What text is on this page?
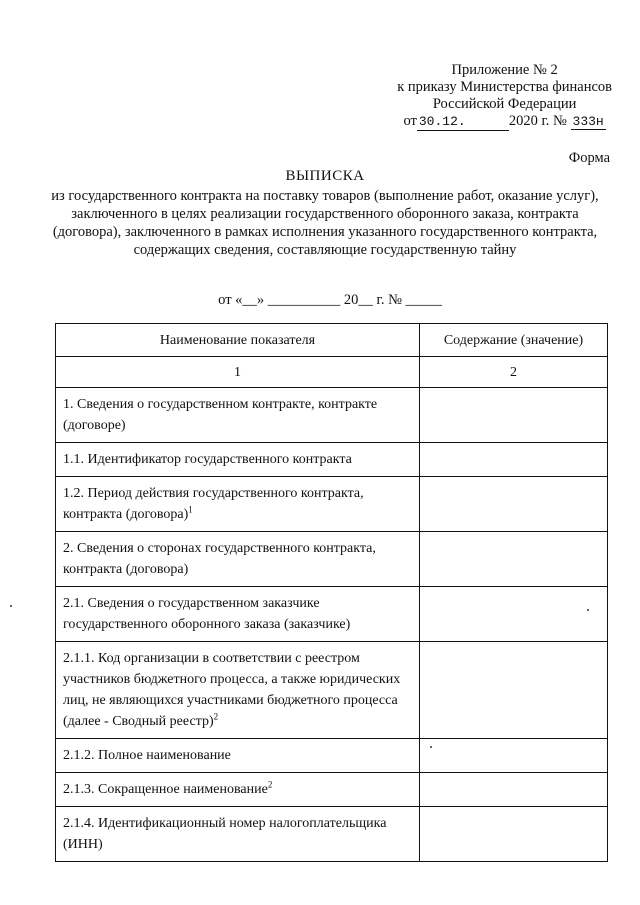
Приложение № 2
к приказу Министерства финансов
Российской Федерации
от 30.12.	2020 г. № 333н
Форма
ВЫПИСКА
из государственного контракта на поставку товаров (выполнение работ, оказание услуг), заключенного в целях реализации государственного оборонного заказа, контракта (договора), заключенного в рамках исполнения указанного государственного контракта, содержащих сведения, составляющие государственную тайну
от «__» __________ 20__ г. № _____
Наименование показателя	Содержание (значение)
1	2
1. Сведения о государственном контракте, контракте (договоре)	
1.1. Идентификатор государственного контракта	
1.2. Период действия государственного контракта, контракта (договора)$^1$	
2. Сведения о сторонах государственного контракта, контракта (договора)	
2.1. Сведения о государственном заказчике государственного оборонного заказа (заказчике)	
2.1.1. Код организации в соответствии с реестром участников бюджетного процесса, а также юридических лиц, не являющихся участниками бюджетного процесса (далее - Сводный реестр)$^2$	
2.1.2. Полное наименование	
2.1.3. Сокращенное наименование$^2$	
2.1.4. Идентификационный номер налогоплательщика (ИНН)	
